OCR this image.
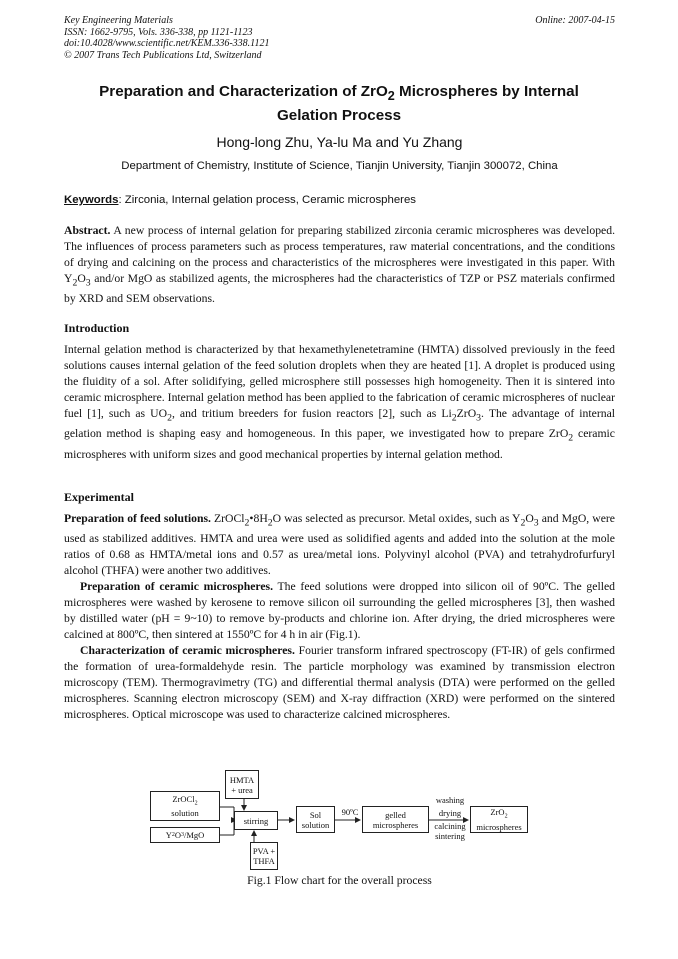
Key Engineering Materials
ISSN: 1662-9795, Vols. 336-338, pp 1121-1123
doi:10.4028/www.scientific.net/KEM.336-338.1121
© 2007 Trans Tech Publications Ltd, Switzerland
Online: 2007-04-15
Preparation and Characterization of ZrO$_2$ Microspheres by Internal
Gelation Process
Hong-long Zhu, Ya-lu Ma and Yu Zhang
Department of Chemistry, Institute of Science, Tianjin University, Tianjin 300072, China
Keywords: Zirconia, Internal gelation process, Ceramic microspheres
Abstract. A new process of internal gelation for preparing stabilized zirconia ceramic microspheres was developed. The influences of process parameters such as process temperatures, raw material concentrations, and the conditions of drying and calcining on the process and characteristics of the microspheres were investigated in this paper. With $Y_2O_3$ and/or MgO as stabilized agents, the microspheres had the characteristics of TZP or PSZ materials confirmed by XRD and SEM observations.
Introduction
Internal gelation method is characterized by that hexamethylenetetramine (HMTA) dissolved previously in the feed solutions causes internal gelation of the feed solution droplets when they are heated [1]. A droplet is produced using the fluidity of a sol. After solidifying, gelled microsphere still possesses high homogeneity. Then it is sintered into ceramic microsphere. Internal gelation method has been applied to the fabrication of ceramic microspheres of nuclear fuel [1], such as $UO_2$, and tritium breeders for fusion reactors [2], such as $Li_2ZrO_3$. The advantage of internal gelation method is shaping easy and homogeneous. In this paper, we investigated how to prepare ZrO$_2$ ceramic microspheres with uniform sizes and good mechanical properties by internal gelation method.
Experimental
Preparation of feed solutions. $ZrOCl_2•8H_2O$ was selected as precursor. Metal oxides, such as $Y_2O_3$ and MgO, were used as stabilized additives. HMTA and urea were used as solidified agents and added into the solution at the mole ratios of 0.68 as HMTA/metal ions and 0.57 as urea/metal ions. Polyvinyl alcohol (PVA) and tetrahydrofurfuryl alcohol (THFA) were another two additives.
Preparation of ceramic microspheres. The feed solutions were dropped into silicon oil of 90ºC. The gelled microspheres were washed by kerosene to remove silicon oil surrounding the gelled microspheres [3], then washed by distilled water (pH = 9~10) to remove by-products and chlorine ion. After drying, the dried microspheres were calcined at 800ºC, then sintered at 1550ºC for 4 h in air (Fig.1).
Characterization of ceramic microspheres. Fourier transform infrared spectroscopy (FT-IR) of gels confirmed the formation of urea-formaldehyde resin. The particle morphology was examined by transmission electron microscopy (TEM). Thermogravimetry (TG) and differential thermal analysis (DTA) were performed on the gelled microspheres. Scanning electron microscopy (SEM) and X-ray diffraction (XRD) were performed on the sintered microspheres. Optical microscope was used to characterize calcined microspheres.
ZrOCl$_2$
solution
Y 2 O 3 /MgO
HMTA
+ urea
stirring
PVA +
THFA
Sol
solution
90ºC	gelled
microspheres
washing
drying
calcining
sintering
ZrO$_2$
microspheres
Fig.1 Flow chart for the overall process
